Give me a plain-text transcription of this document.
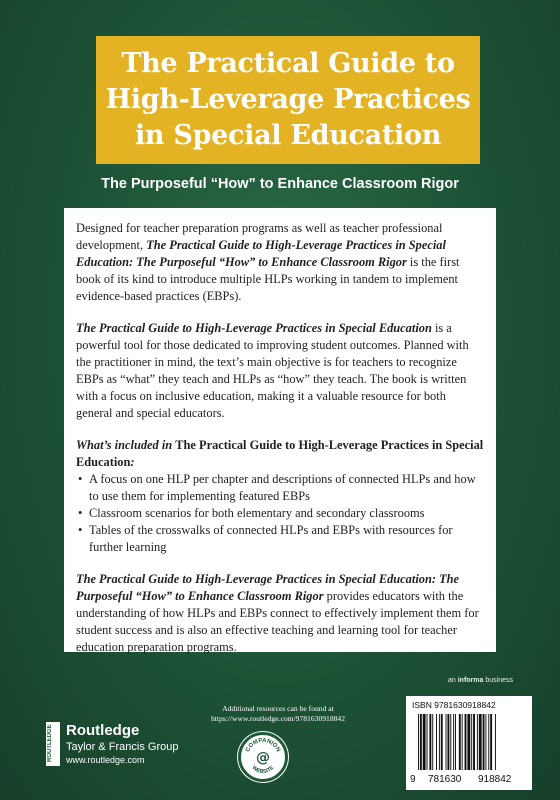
The Practical Guide to
High-Leverage Practices
in Special Education
The Purposeful “How” to Enhance Classroom Rigor

Designed for teacher preparation programs as well as teacher professional development, The Practical Guide to High-Leverage Practices in Special Education: The Purposeful “How” to Enhance Classroom Rigor is the first book of its kind to introduce multiple HLPs working in tandem to implement evidence-based practices (EBPs).

The Practical Guide to High-Leverage Practices in Special Education is a powerful tool for those dedicated to improving student outcomes. Planned with the practitioner in mind, the text’s main objective is for teachers to recognize EBPs as “what” they teach and HLPs as “how” they teach. The book is written with a focus on inclusive education, making it a valuable resource for both general and special educators.

What’s included in The Practical Guide to High-Leverage Practices in Special Education:

• A focus on one HLP per chapter and descriptions of connected HLPs and how to use them for implementing featured EBPs
• Classroom scenarios for both elementary and secondary classrooms
• Tables of the crosswalks of connected HLPs and EBPs with resources for further learning

The Practical Guide to High-Leverage Practices in Special Education: The Purposeful “How” to Enhance Classroom Rigor provides educators with the understanding of how HLPs and EBPs connect to effectively implement them for student success and is also an effective teaching and learning tool for teacher education preparation programs.

an informa business
ROUTLEDGE Routledge
Taylor & Francis Group
www.routledge.com
Additional resources can be found at
https://www.routledge.com/9781630918842
COMPANION
WEBSITE
@
ISBN 978163091884​2
9 781630 918842
